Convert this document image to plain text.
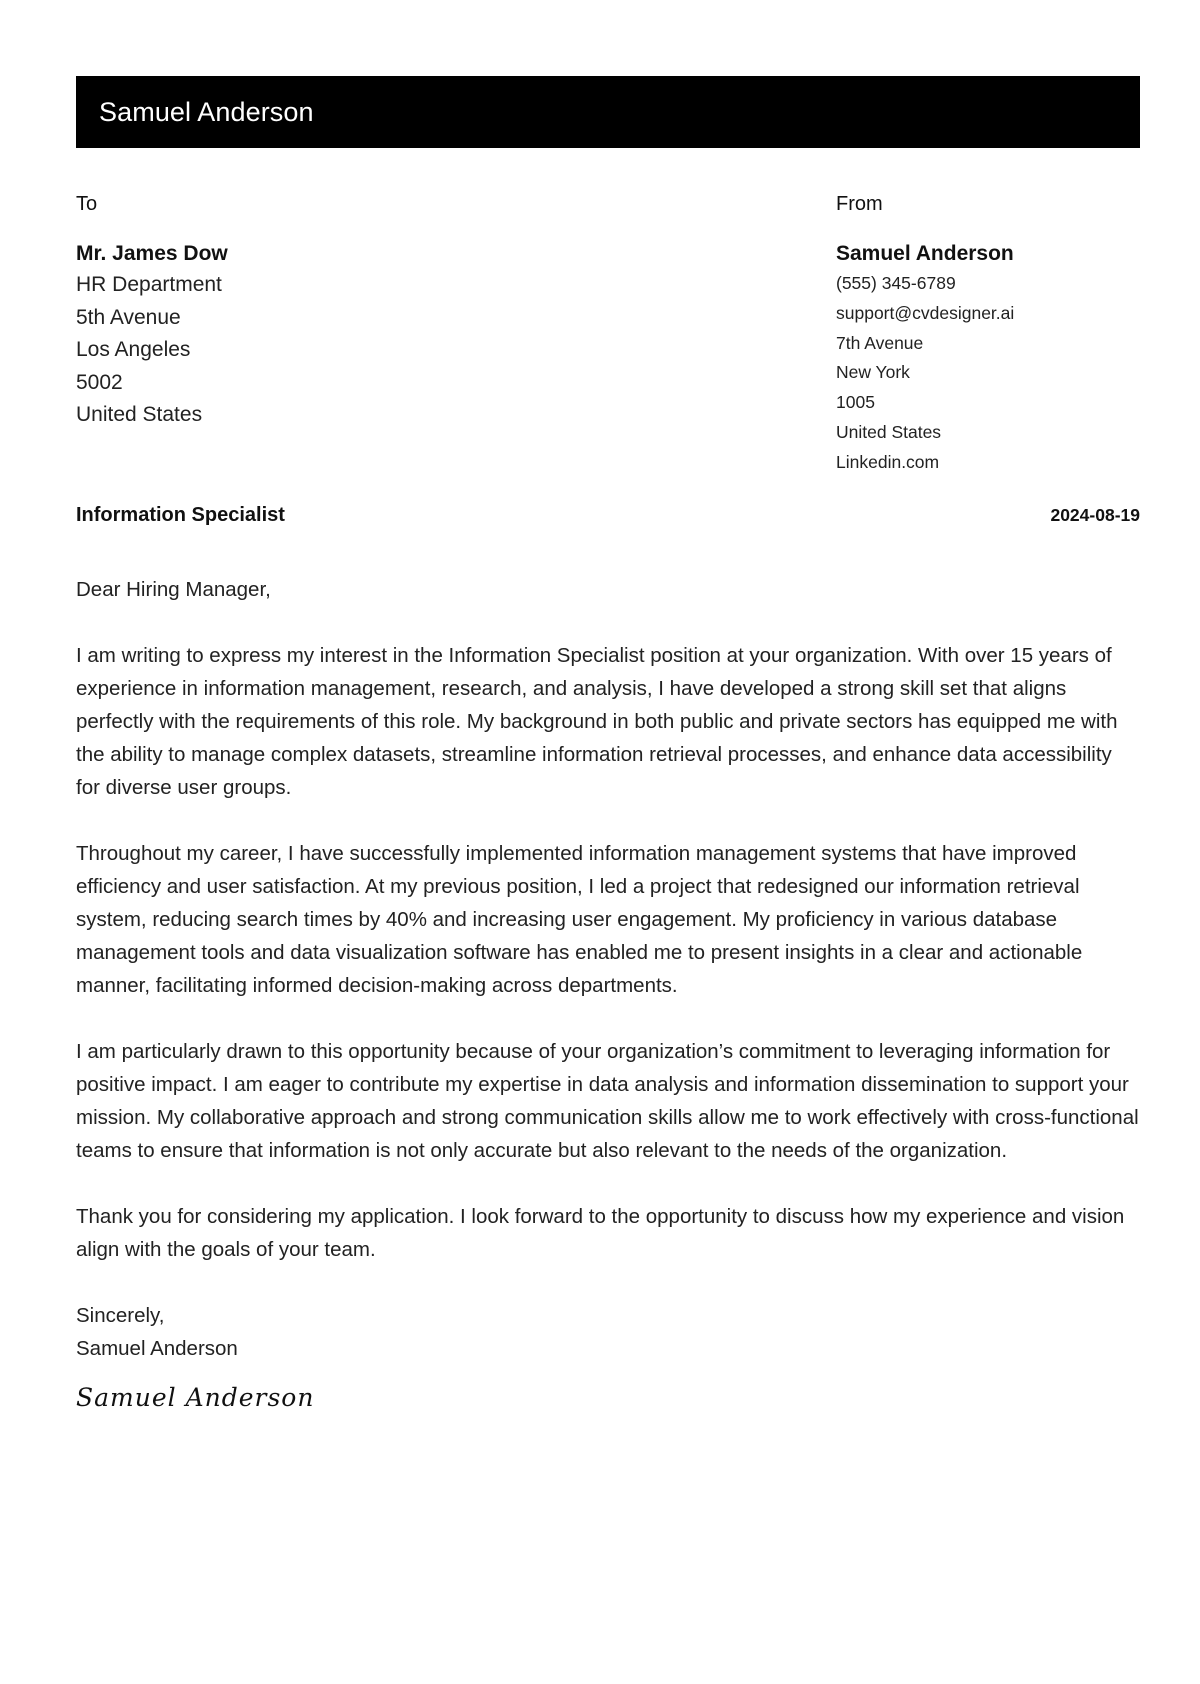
Samuel Anderson
To
Mr. James Dow
HR Department
5th Avenue
Los Angeles
5002
United States
From
Samuel Anderson
(555) 345-6789
support@cvdesigner.ai
7th Avenue
New York
1005
United States
Linkedin.com
Information Specialist	2024-08-19

Dear Hiring Manager,

I am writing to express my interest in the Information Specialist position at your organization. With over 15 years of experience in information management, research, and analysis, I have developed a strong skill set that aligns perfectly with the requirements of this role. My background in both public and private sectors has equipped me with the ability to manage complex datasets, streamline information retrieval processes, and enhance data accessibility for diverse user groups.

Throughout my career, I have successfully implemented information management systems that have improved efficiency and user satisfaction. At my previous position, I led a project that redesigned our information retrieval system, reducing search times by 40% and increasing user engagement. My proficiency in various database management tools and data visualization software has enabled me to present insights in a clear and actionable manner, facilitating informed decision-making across departments.

I am particularly drawn to this opportunity because of your organization’s commitment to leveraging information for positive impact. I am eager to contribute my expertise in data analysis and information dissemination to support your mission. My collaborative approach and strong communication skills allow me to work effectively with cross-functional teams to ensure that information is not only accurate but also relevant to the needs of the organization.

Thank you for considering my application. I look forward to the opportunity to discuss how my experience and vision align with the goals of your team.

Sincerely,
Samuel Anderson
Samuel Anderson
